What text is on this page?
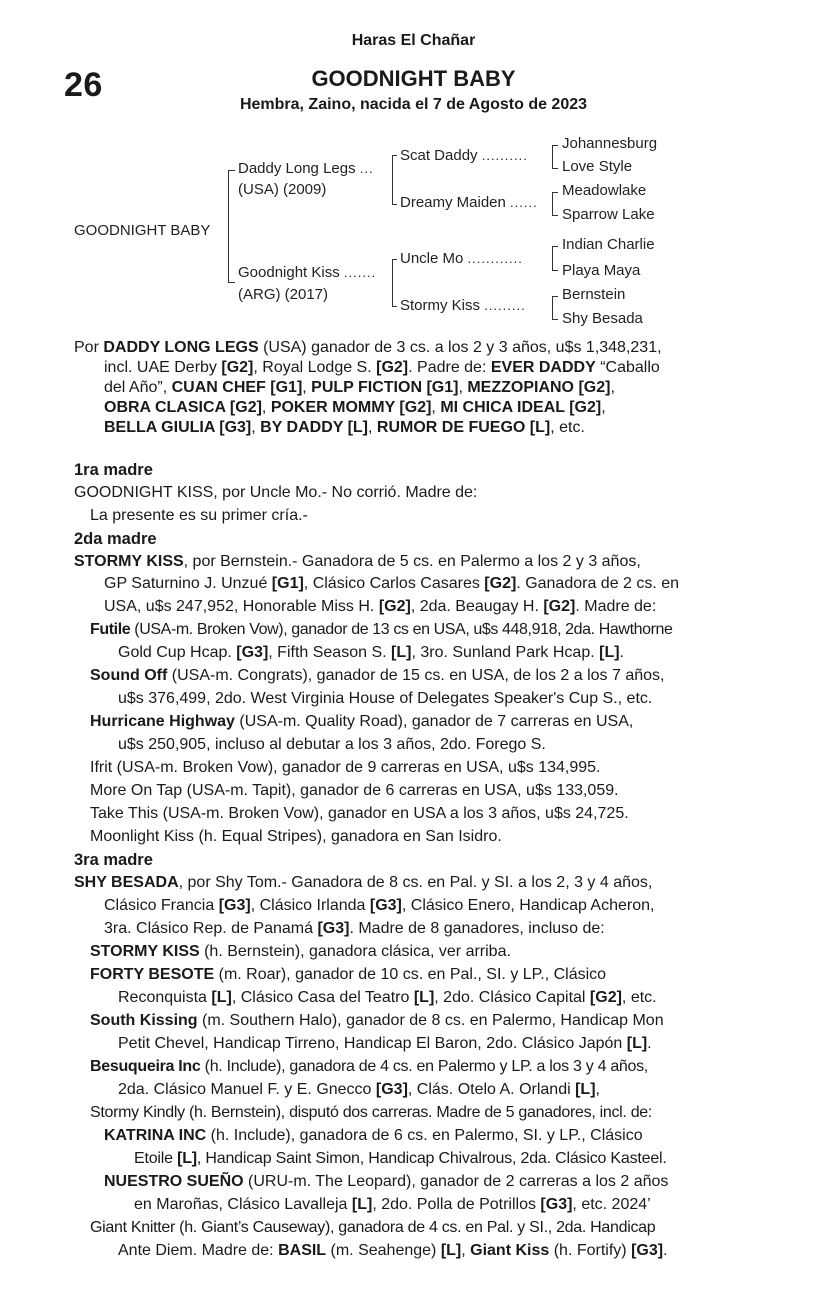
Haras El Chañar
26	GOODNIGHT BABY
Hembra, Zaino, nacida el 7 de Agosto de 2023
GOODNIGHT BABY
Daddy Long Legs ...
(USA) (2009)
Goodnight Kiss .......
(ARG) (2017)
Scat Daddy ..........
Dreamy Maiden ......
Uncle Mo ............
Stormy Kiss .........
Johannesburg
Love Style
Meadowlake
Sparrow Lake
Indian Charlie
Playa Maya
Bernstein
Shy Besada
Por DADDY LONG LEGS (USA) ganador de 3 cs. a los 2 y 3 años, u$s 1,348,231,
incl. UAE Derby [G2], Royal Lodge S. [G2]. Padre de: EVER DADDY “Caballo
del Año”, CUAN CHEF [G1], PULP FICTION [G1], MEZZOPIANO [G2],
OBRA CLASICA [G2], POKER MOMMY [G2], MI CHICA IDEAL [G2],
BELLA GIULIA [G3], BY DADDY [L], RUMOR DE FUEGO [L], etc.
1ra madre
GOODNIGHT KISS, por Uncle Mo.- No corrió. Madre de:
La presente es su primer cría.-
2da madre
STORMY KISS, por Bernstein.- Ganadora de 5 cs. en Palermo a los 2 y 3 años,
GP Saturnino J. Unzué [G1], Clásico Carlos Casares [G2]. Ganadora de 2 cs. en
USA, u$s 247,952, Honorable Miss H. [G2], 2da. Beaugay H. [G2]. Madre de:
Futile (USA-m. Broken Vow), ganador de 13 cs en USA, u$s 448,918, 2da. Hawthorne
Gold Cup Hcap. [G3], Fifth Season S. [L], 3ro. Sunland Park Hcap. [L].
Sound Off (USA-m. Congrats), ganador de 15 cs. en USA, de los 2 a los 7 años,
u$s 376,499, 2do. West Virginia House of Delegates Speaker's Cup S., etc.
Hurricane Highway (USA-m. Quality Road), ganador de 7 carreras en USA,
u$s 250,905, incluso al debutar a los 3 años, 2do. Forego S.
Ifrit (USA-m. Broken Vow), ganador de 9 carreras en USA, u$s 134,995.
More On Tap (USA-m. Tapit), ganador de 6 carreras en USA, u$s 133,059.
Take This (USA-m. Broken Vow), ganador en USA a los 3 años, u$s 24,725.
Moonlight Kiss (h. Equal Stripes), ganadora en San Isidro.
3ra madre
SHY BESADA, por Shy Tom.- Ganadora de 8 cs. en Pal. y SI. a los 2, 3 y 4 años,
Clásico Francia [G3], Clásico Irlanda [G3], Clásico Enero, Handicap Acheron,
3ra. Clásico Rep. de Panamá [G3]. Madre de 8 ganadores, incluso de:
STORMY KISS (h. Bernstein), ganadora clásica, ver arriba.
FORTY BESOTE (m. Roar), ganador de 10 cs. en Pal., SI. y LP., Clásico
Reconquista [L], Clásico Casa del Teatro [L], 2do. Clásico Capital [G2], etc.
South Kissing (m. Southern Halo), ganador de 8 cs. en Palermo, Handicap Mon
Petit Chevel, Handicap Tirreno, Handicap El Baron, 2do. Clásico Japón [L].
Besuqueira Inc (h. Include), ganadora de 4 cs. en Palermo y LP. a los 3 y 4 años,
2da. Clásico Manuel F. y E. Gnecco [G3], Clás. Otelo A. Orlandi [L],
Stormy Kindly (h. Bernstein), disputó dos carreras. Madre de 5 ganadores, incl. de:
KATRINA INC (h. Include), ganadora de 6 cs. en Palermo, SI. y LP., Clásico
Etoile [L], Handicap Saint Simon, Handicap Chivalrous, 2da. Clásico Kasteel.
NUESTRO SUEÑO (URU-m. The Leopard), ganador de 2 carreras a los 2 años
en Maroñas, Clásico Lavalleja [L], 2do. Polla de Potrillos [G3], etc. 2024’
Giant Knitter (h. Giant’s Causeway), ganadora de 4 cs. en Pal. y SI., 2da. Handicap
Ante Diem. Madre de: BASIL (m. Seahenge) [L], Giant Kiss (h. Fortify) [G3].
